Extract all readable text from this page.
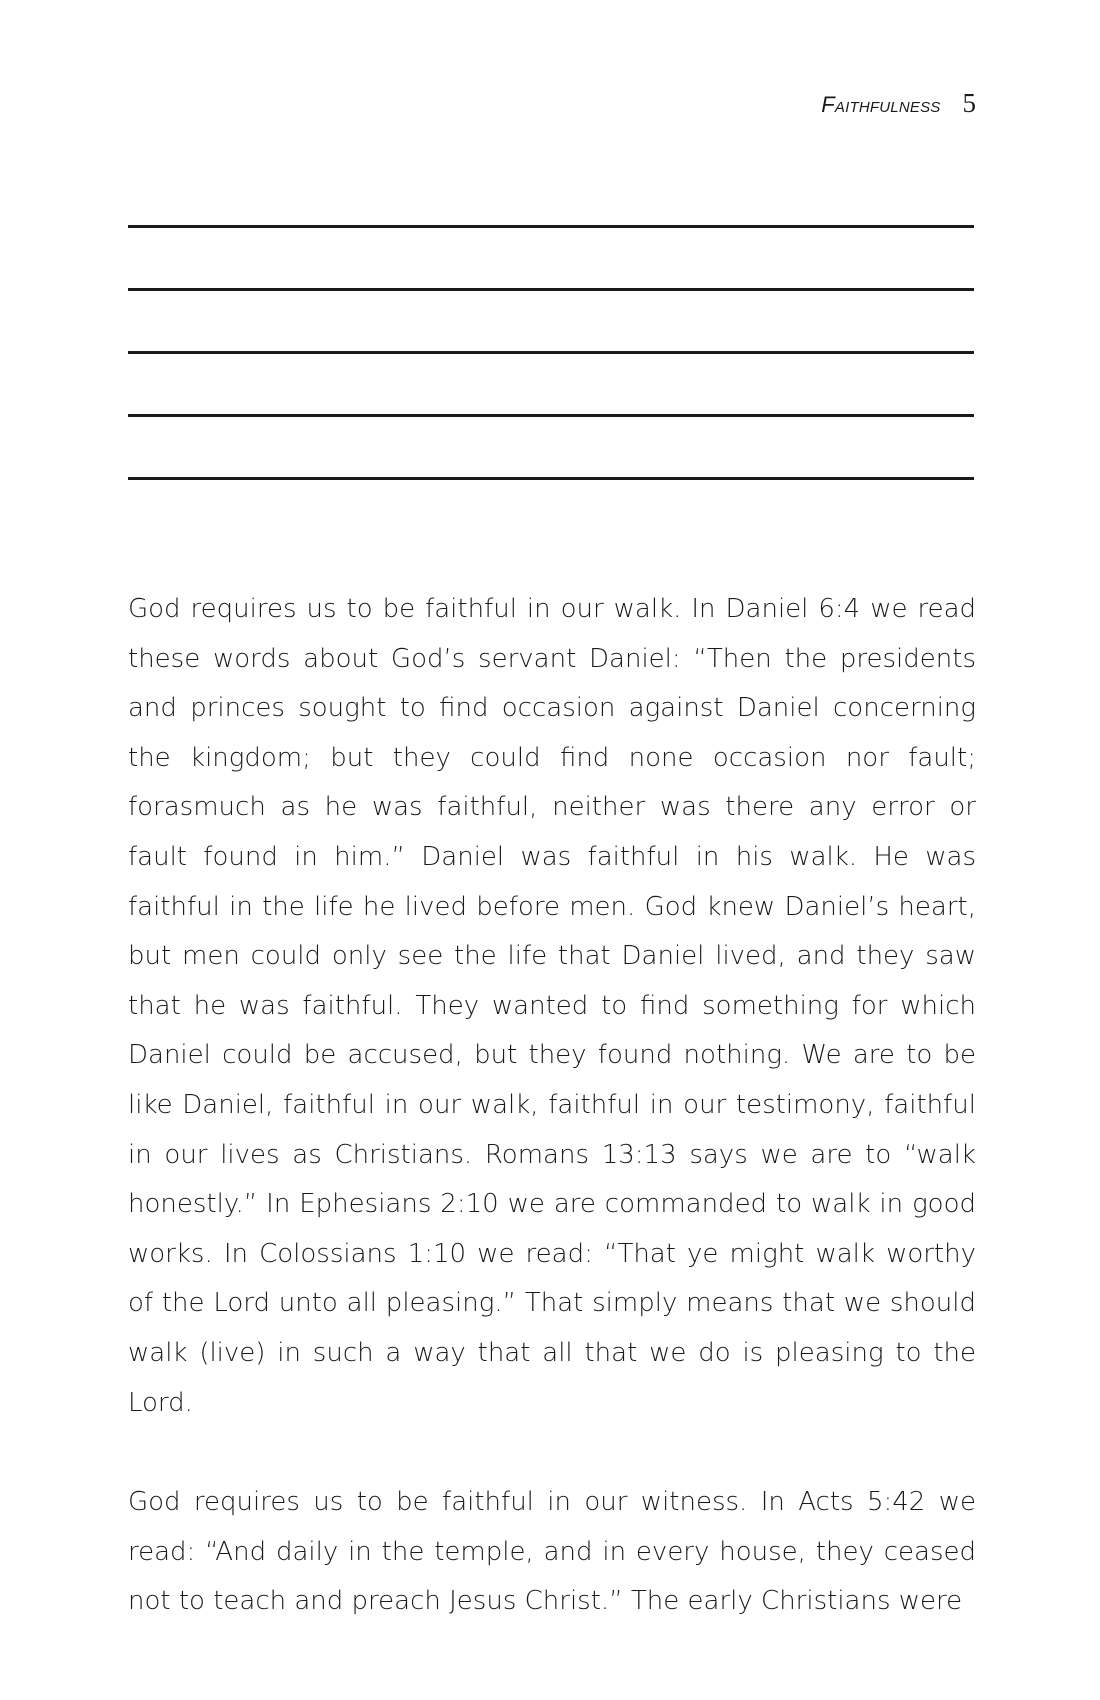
Faithfulness 5

God requires us to be faithful in our walk. In Daniel 6:4 we read these words about God’s servant Daniel: “Then the presidents and princes sought to find occasion against Daniel concerning the kingdom; but they could find none occasion nor fault; forasmuch as he was faithful, neither was there any error or fault found in him.” Daniel was faithful in his walk. He was faithful in the life he lived before men. God knew Daniel’s heart, but men could only see the life that Daniel lived, and they saw that he was faithful. They wanted to find something for which Daniel could be accused, but they found nothing. We are to be like Daniel, faithful in our walk, faithful in our testimony, faithful in our lives as Christians. Romans 13:13 says we are to “walk honestly.” In Ephesians 2:10 we are commanded to walk in good works. In Colossians 1:10 we read: “That ye might walk worthy of the Lord unto all pleasing.” That simply means that we should walk (live) in such a way that all that we do is pleasing to the Lord.

God requires us to be faithful in our witness. In Acts 5:42 we read: “And daily in the temple, and in every house, they ceased not to teach and preach Jesus Christ.” The early Christians were
